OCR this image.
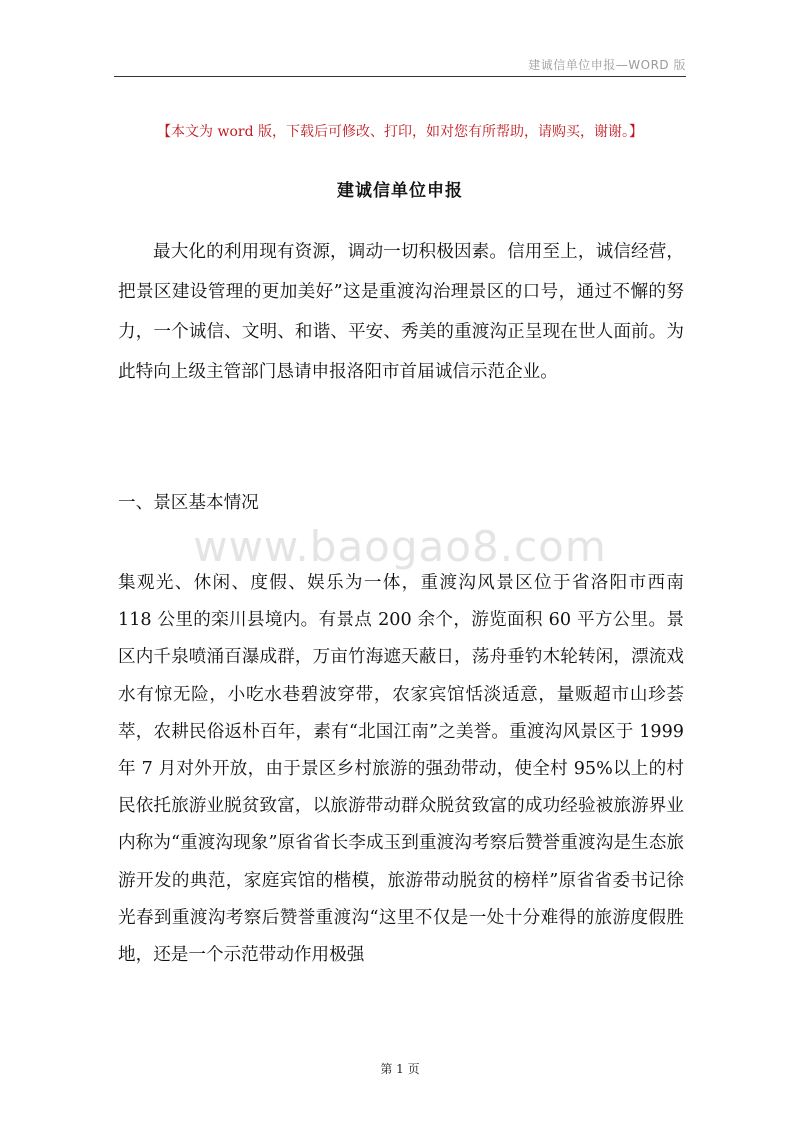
建诚信单位申报—WORD 版
【本文为 word 版，下载后可修改、打印，如对您有所帮助，请购买，谢谢。】
建诚信单位申报
最大化的利用现有资源，调动一切积极因素。信用至上，诚信经营，把景区建设管理的更加美好”这是重渡沟治理景区的口号，通过不懈的努力，一个诚信、文明、和谐、平安、秀美的重渡沟正呈现在世人面前。为此特向上级主管部门恳请申报洛阳市首届诚信示范企业。
一、景区基本情况
www.baogao8.com
集观光、休闲、度假、娱乐为一体，重渡沟风景区位于省洛阳市西南 118 公里的栾川县境内。有景点 200 余个，游览面积 60 平方公里。景区内千泉喷涌百瀑成群，万亩竹海遮天蔽日，荡舟垂钓木轮转闲，漂流戏水有惊无险，小吃水巷碧波穿带，农家宾馆恬淡适意，量贩超市山珍荟萃，农耕民俗返朴百年，素有“北国江南”之美誉。重渡沟风景区于 1999 年 7 月对外开放，由于景区乡村旅游的强劲带动，使全村 95%以上的村民依托旅游业脱贫致富，以旅游带动群众脱贫致富的成功经验被旅游界业内称为“重渡沟现象”原省省长李成玉到重渡沟考察后赞誉重渡沟是生态旅游开发的典范，家庭宾馆的楷模，旅游带动脱贫的榜样”原省省委书记徐光春到重渡沟考察后赞誉重渡沟“这里不仅是一处十分难得的旅游度假胜地，还是一个示范带动作用极强
第 1 页
